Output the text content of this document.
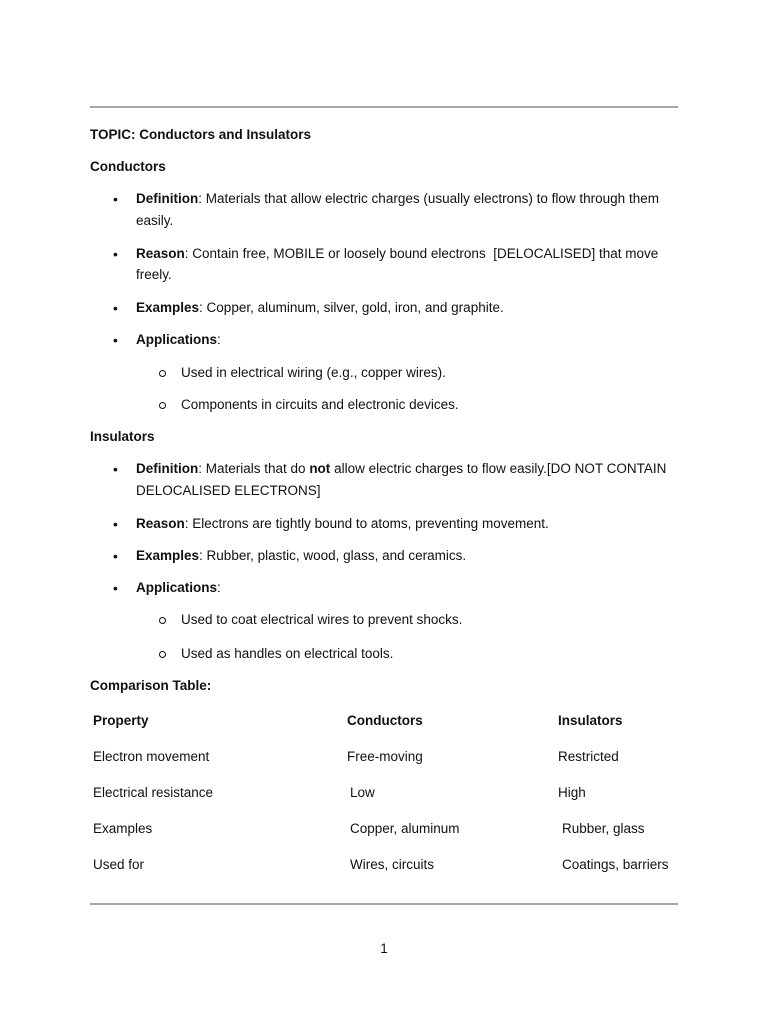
TOPIC: Conductors and Insulators
Conductors
• Definition: Materials that allow electric charges (usually electrons) to flow through them
easily.
• Reason: Contain free, MOBILE or loosely bound electrons  [DELOCALISED] that move
freely.
• Examples: Copper, aluminum, silver, gold, iron, and graphite.
• Applications:
Used in electrical wiring (e.g., copper wires).
Components in circuits and electronic devices.
Insulators
• Definition: Materials that do not allow electric charges to flow easily.[DO NOT CONTAIN
DELOCALISED ELECTRONS]
• Reason: Electrons are tightly bound to atoms, preventing movement.
• Examples: Rubber, plastic, wood, glass, and ceramics.
• Applications:
Used to coat electrical wires to prevent shocks.
Used as handles on electrical tools.
Comparison Table:
Property	Conductors	Insulators
Electron movement	Free-moving	Restricted
Electrical resistance	Low	High
Examples	Copper, aluminum	Rubber, glass
Used for	Wires, circuits	Coatings, barriers
1
